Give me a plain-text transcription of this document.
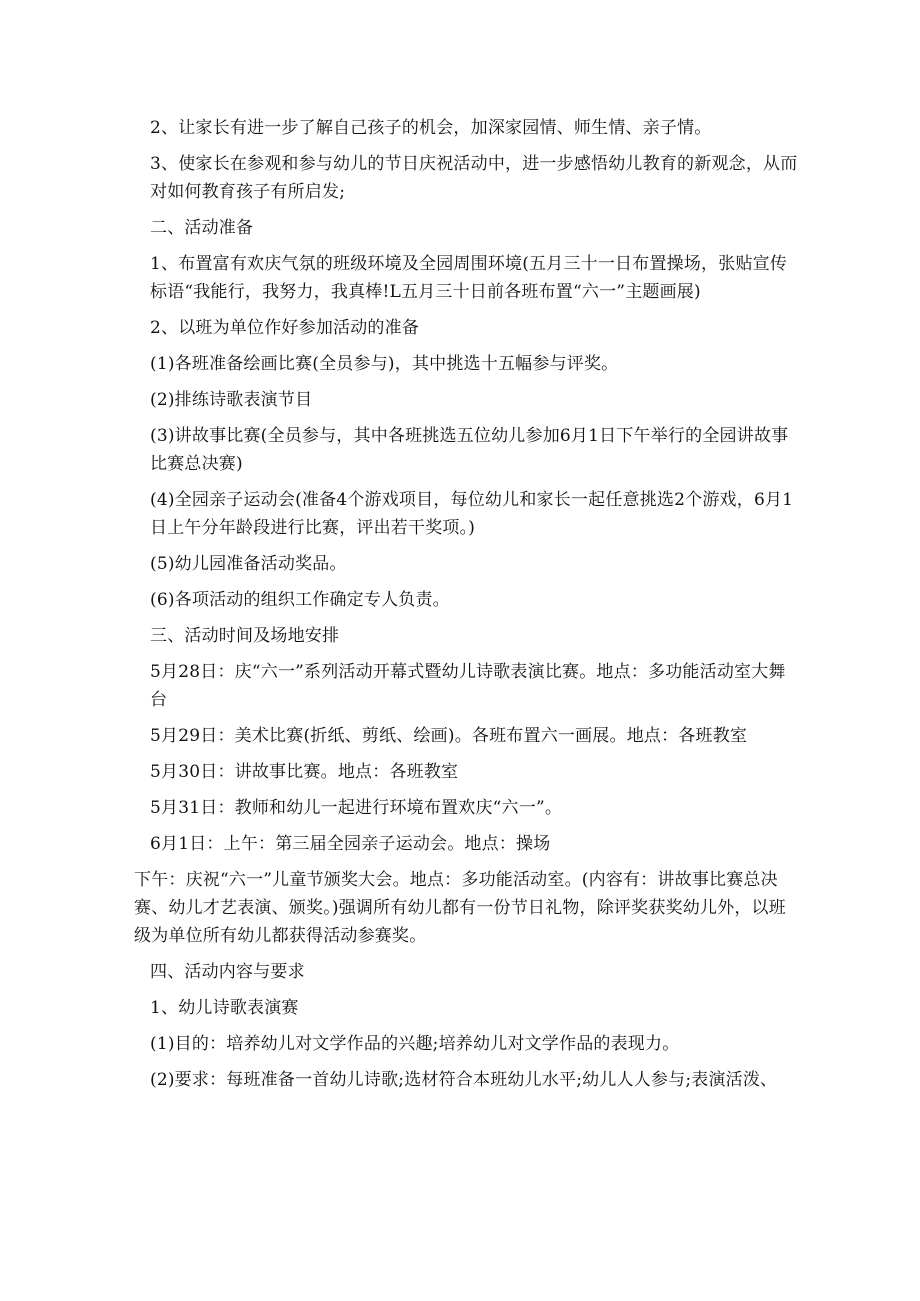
2、让家长有进一步了解自己孩子的机会，加深家园情、师生情、亲子情。

3、使家长在参观和参与幼儿的节日庆祝活动中，进一步感悟幼儿教育的新观念，从而对如何教育孩子有所启发;

二、活动准备

1、布置富有欢庆气氛的班级环境及全园周围环境(五月三十一日布置操场，张贴宣传标语“我能行，我努力，我真棒!L五月三十日前各班布置“六一”主题画展)

2、以班为单位作好参加活动的准备

(1)各班准备绘画比赛(全员参与)，其中挑选十五幅参与评奖。

(2)排练诗歌表演节目

(3)讲故事比赛(全员参与，其中各班挑选五位幼儿参加6月1日下午举行的全园讲故事比赛总决赛)

(4)全园亲子运动会(准备4个游戏项目，每位幼儿和家长一起任意挑选2个游戏，6月1日上午分年龄段进行比赛，评出若干奖项。)

(5)幼儿园准备活动奖品。

(6)各项活动的组织工作确定专人负责。

三、活动时间及场地安排

5月28日：庆“六一”系列活动开幕式暨幼儿诗歌表演比赛。地点：多功能活动室大舞台

5月29日：美术比赛(折纸、剪纸、绘画)。各班布置六一画展。地点：各班教室

5月30日：讲故事比赛。地点：各班教室

5月31日：教师和幼儿一起进行环境布置欢庆“六一”。

6月1日：上午：第三届全园亲子运动会。地点：操场

下午：庆祝“六一”儿童节颁奖大会。地点：多功能活动室。(内容有：讲故事比赛总决赛、幼儿才艺表演、颁奖。)强调所有幼儿都有一份节日礼物，除评奖获奖幼儿外，以班级为单位所有幼儿都获得活动参赛奖。

四、活动内容与要求

1、幼儿诗歌表演赛

(1)目的：培养幼儿对文学作品的兴趣;培养幼儿对文学作品的表现力。

(2)要求：每班准备一首幼儿诗歌;选材符合本班幼儿水平;幼儿人人参与;表演活泼、
